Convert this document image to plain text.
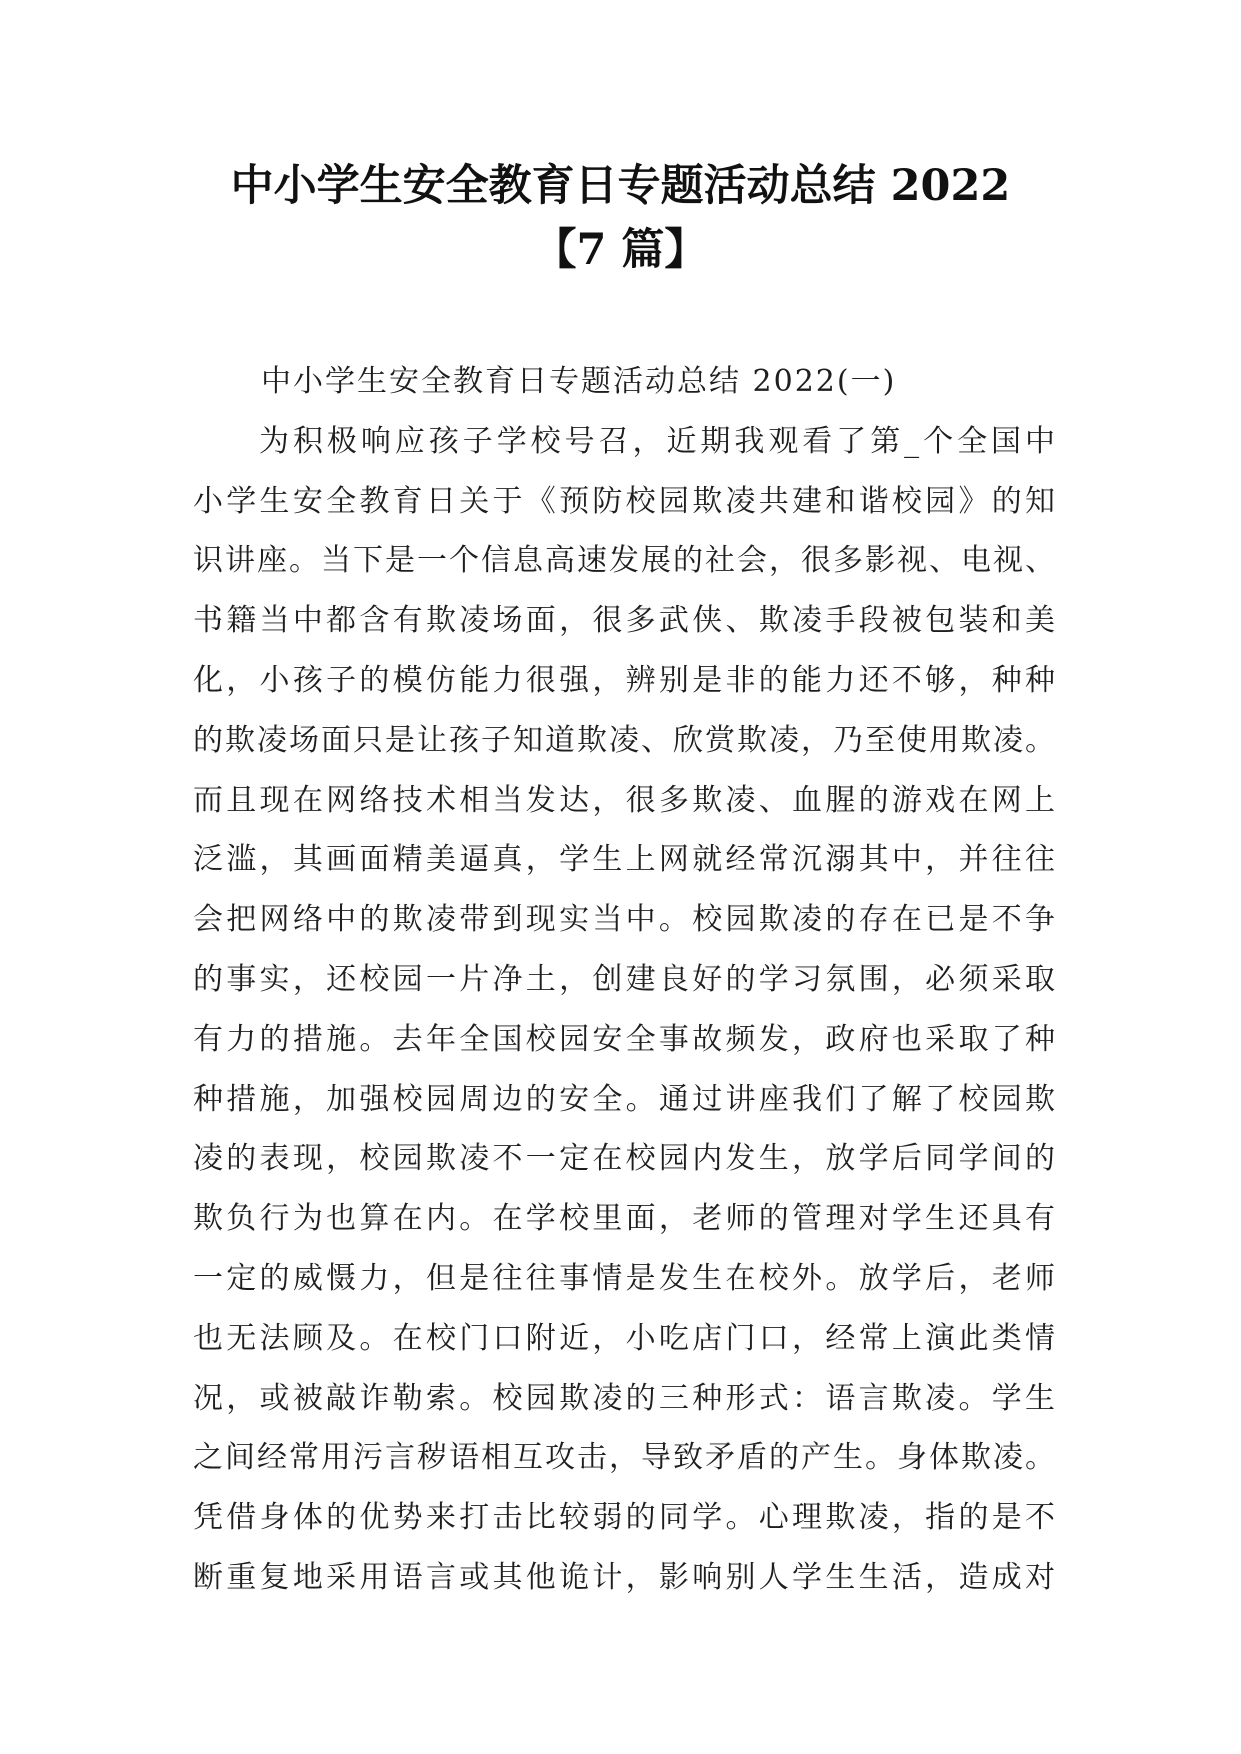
中小学生安全教育日专题活动总结 2022
【7 篇】
中小学生安全教育日专题活动总结 2022(一)
为积极响应孩子学校号召，近期我观看了第_个全国中
小学生安全教育日关于《预防校园欺凌共建和谐校园》的知
识讲座。当下是一个信息高速发展的社会，很多影视、电视、
书籍当中都含有欺凌场面，很多武侠、欺凌手段被包装和美
化，小孩子的模仿能力很强，辨别是非的能力还不够，种种
的欺凌场面只是让孩子知道欺凌、欣赏欺凌，乃至使用欺凌。
而且现在网络技术相当发达，很多欺凌、血腥的游戏在网上
泛滥，其画面精美逼真，学生上网就经常沉溺其中，并往往
会把网络中的欺凌带到现实当中。校园欺凌的存在已是不争
的事实，还校园一片净土，创建良好的学习氛围，必须采取
有力的措施。去年全国校园安全事故频发，政府也采取了种
种措施，加强校园周边的安全。通过讲座我们了解了校园欺
凌的表现，校园欺凌不一定在校园内发生，放学后同学间的
欺负行为也算在内。在学校里面，老师的管理对学生还具有
一定的威慑力，但是往往事情是发生在校外。放学后，老师
也无法顾及。在校门口附近，小吃店门口，经常上演此类情
况，或被敲诈勒索。校园欺凌的三种形式：语言欺凌。学生
之间经常用污言秽语相互攻击，导致矛盾的产生。身体欺凌。
凭借身体的优势来打击比较弱的同学。心理欺凌，指的是不
断重复地采用语言或其他诡计，影响别人学生生活，造成对
